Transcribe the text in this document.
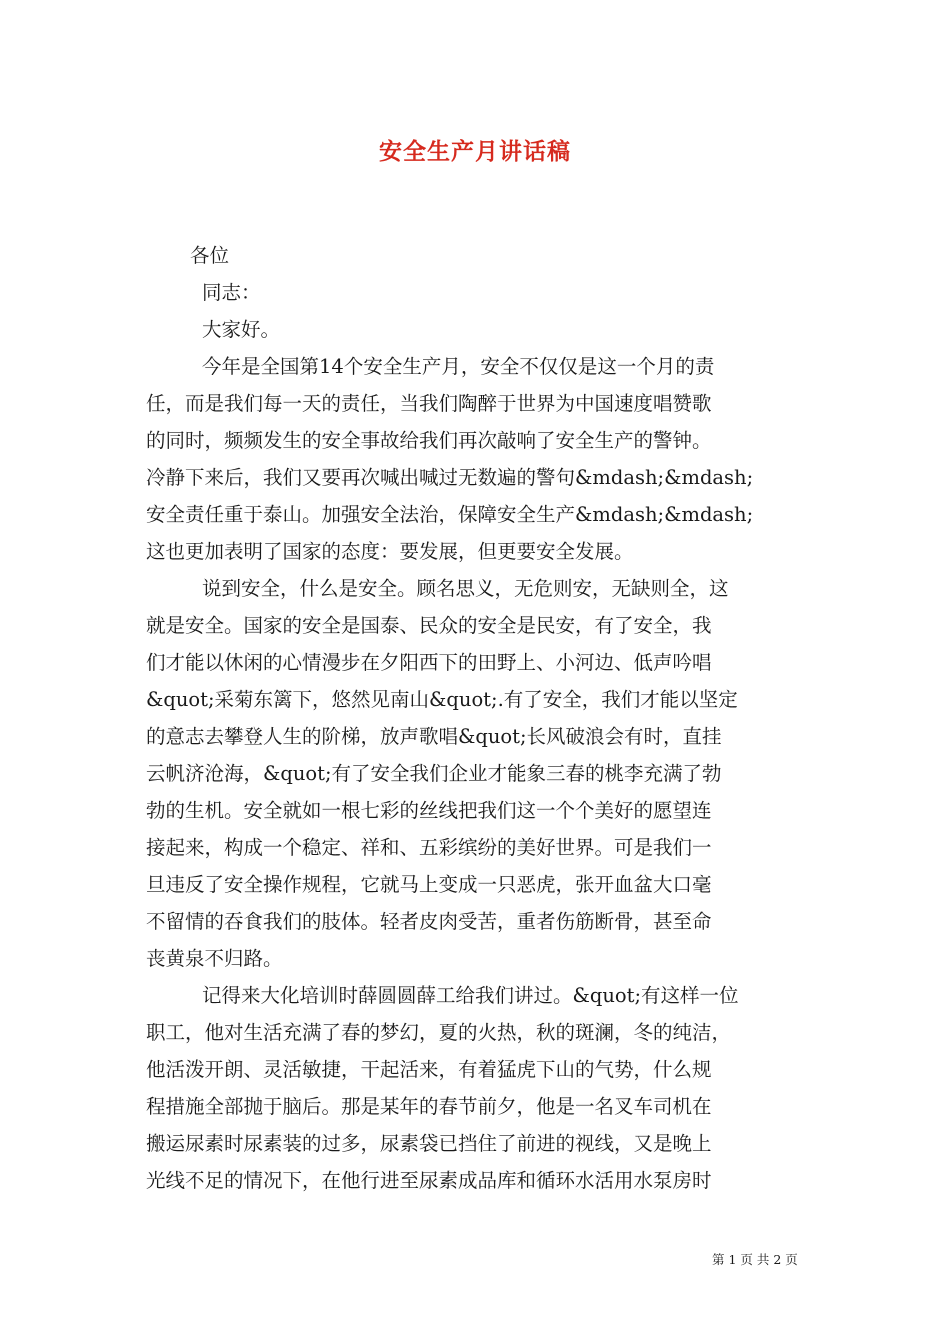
安全生产月讲话稿
各位
同志：
大家好。
今年是全国第14个安全生产月，安全不仅仅是这一个月的责
任，而是我们每一天的责任，当我们陶醉于世界为中国速度唱赞歌
的同时，频频发生的安全事故给我们再次敲响了安全生产的警钟。
冷静下来后，我们又要再次喊出喊过无数遍的警句&mdash;&mdash;
安全责任重于泰山。加强安全法治，保障安全生产&mdash;&mdash;
这也更加表明了国家的态度：要发展，但更要安全发展。
说到安全，什么是安全。顾名思义，无危则安，无缺则全，这
就是安全。国家的安全是国泰、民众的安全是民安，有了安全，我
们才能以休闲的心情漫步在夕阳西下的田野上、小河边、低声吟唱
&quot;采菊东篱下，悠然见南山&quot;.有了安全，我们才能以坚定
的意志去攀登人生的阶梯，放声歌唱&quot;长风破浪会有时，直挂
云帆济沧海，&quot;有了安全我们企业才能象三春的桃李充满了勃
勃的生机。安全就如一根七彩的丝线把我们这一个个美好的愿望连
接起来，构成一个稳定、祥和、五彩缤纷的美好世界。可是我们一
旦违反了安全操作规程，它就马上变成一只恶虎，张开血盆大口毫
不留情的吞食我们的肢体。轻者皮肉受苦，重者伤筋断骨，甚至命
丧黄泉不归路。
记得来大化培训时薛圆圆薛工给我们讲过。&quot;有这样一位
职工，他对生活充满了春的梦幻，夏的火热，秋的斑澜，冬的纯洁，
他活泼开朗、灵活敏捷，干起活来，有着猛虎下山的气势，什么规
程措施全部抛于脑后。那是某年的春节前夕，他是一名叉车司机在
搬运尿素时尿素装的过多，尿素袋已挡住了前进的视线，又是晚上
光线不足的情况下，在他行进至尿素成品库和循环水活用水泵房时
第 1 页 共 2 页
